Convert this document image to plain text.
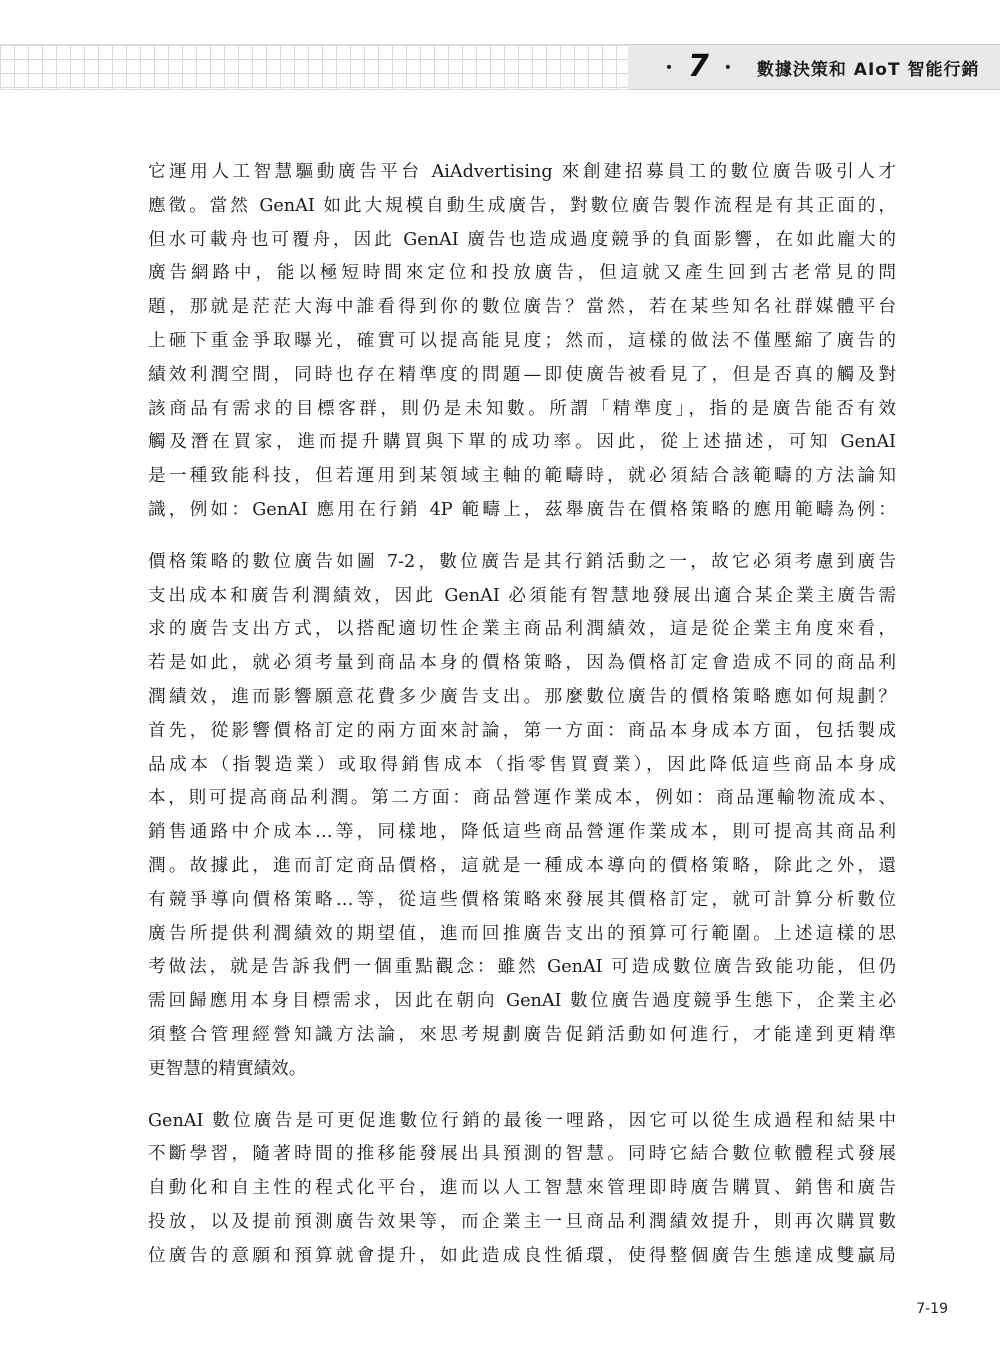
・ 7 ・ 數據決策和 AIoT 智能行銷
它運用人工智慧驅動廣告平台 AiAdvertising 來創建招募員工的數位廣告吸引人才
應徵。當然 GenAI 如此大規模自動生成廣告，對數位廣告製作流程是有其正面的，
但水可載舟也可覆舟，因此 GenAI 廣告也造成過度競爭的負面影響，在如此龐大的
廣告網路中，能以極短時間來定位和投放廣告，但這就又產生回到古老常見的問
題，那就是茫茫大海中誰看得到你的數位廣告？當然，若在某些知名社群媒體平台
上砸下重金爭取曝光，確實可以提高能見度；然而，這樣的做法不僅壓縮了廣告的
績效利潤空間，同時也存在精準度的問題—即使廣告被看見了，但是否真的觸及對
該商品有需求的目標客群，則仍是未知數。所謂「精準度」，指的是廣告能否有效
觸及潛在買家，進而提升購買與下單的成功率。因此，從上述描述，可知 GenAI
是一種致能科技，但若運用到某領域主軸的範疇時，就必須結合該範疇的方法論知
識，例如：GenAI 應用在行銷 4P 範疇上，茲舉廣告在價格策略的應用範疇為例：
價格策略的數位廣告如圖 7-2，數位廣告是其行銷活動之一，故它必須考慮到廣告
支出成本和廣告利潤績效，因此 GenAI 必須能有智慧地發展出適合某企業主廣告需
求的廣告支出方式，以搭配適切性企業主商品利潤績效，這是從企業主角度來看，
若是如此，就必須考量到商品本身的價格策略，因為價格訂定會造成不同的商品利
潤績效，進而影響願意花費多少廣告支出。那麼數位廣告的價格策略應如何規劃？
首先，從影響價格訂定的兩方面來討論，第一方面：商品本身成本方面，包括製成
品成本（指製造業）或取得銷售成本（指零售買賣業），因此降低這些商品本身成
本，則可提高商品利潤。第二方面：商品營運作業成本，例如：商品運輸物流成本、
銷售通路中介成本…等，同樣地，降低這些商品營運作業成本，則可提高其商品利
潤。故據此，進而訂定商品價格，這就是一種成本導向的價格策略，除此之外，還
有競爭導向價格策略…等，從這些價格策略來發展其價格訂定，就可計算分析數位
廣告所提供利潤績效的期望值，進而回推廣告支出的預算可行範圍。上述這樣的思
考做法，就是告訴我們一個重點觀念：雖然 GenAI 可造成數位廣告致能功能，但仍
需回歸應用本身目標需求，因此在朝向 GenAI 數位廣告過度競爭生態下，企業主必
須整合管理經營知識方法論，來思考規劃廣告促銷活動如何進行，才能達到更精準
更智慧的精實績效。
GenAI 數位廣告是可更促進數位行銷的最後一哩路，因它可以從生成過程和結果中
不斷學習，隨著時間的推移能發展出具預測的智慧。同時它結合數位軟體程式發展
自動化和自主性的程式化平台，進而以人工智慧來管理即時廣告購買、銷售和廣告
投放，以及提前預測廣告效果等，而企業主一旦商品利潤績效提升，則再次購買數
位廣告的意願和預算就會提升，如此造成良性循環，使得整個廣告生態達成雙贏局
7-19
